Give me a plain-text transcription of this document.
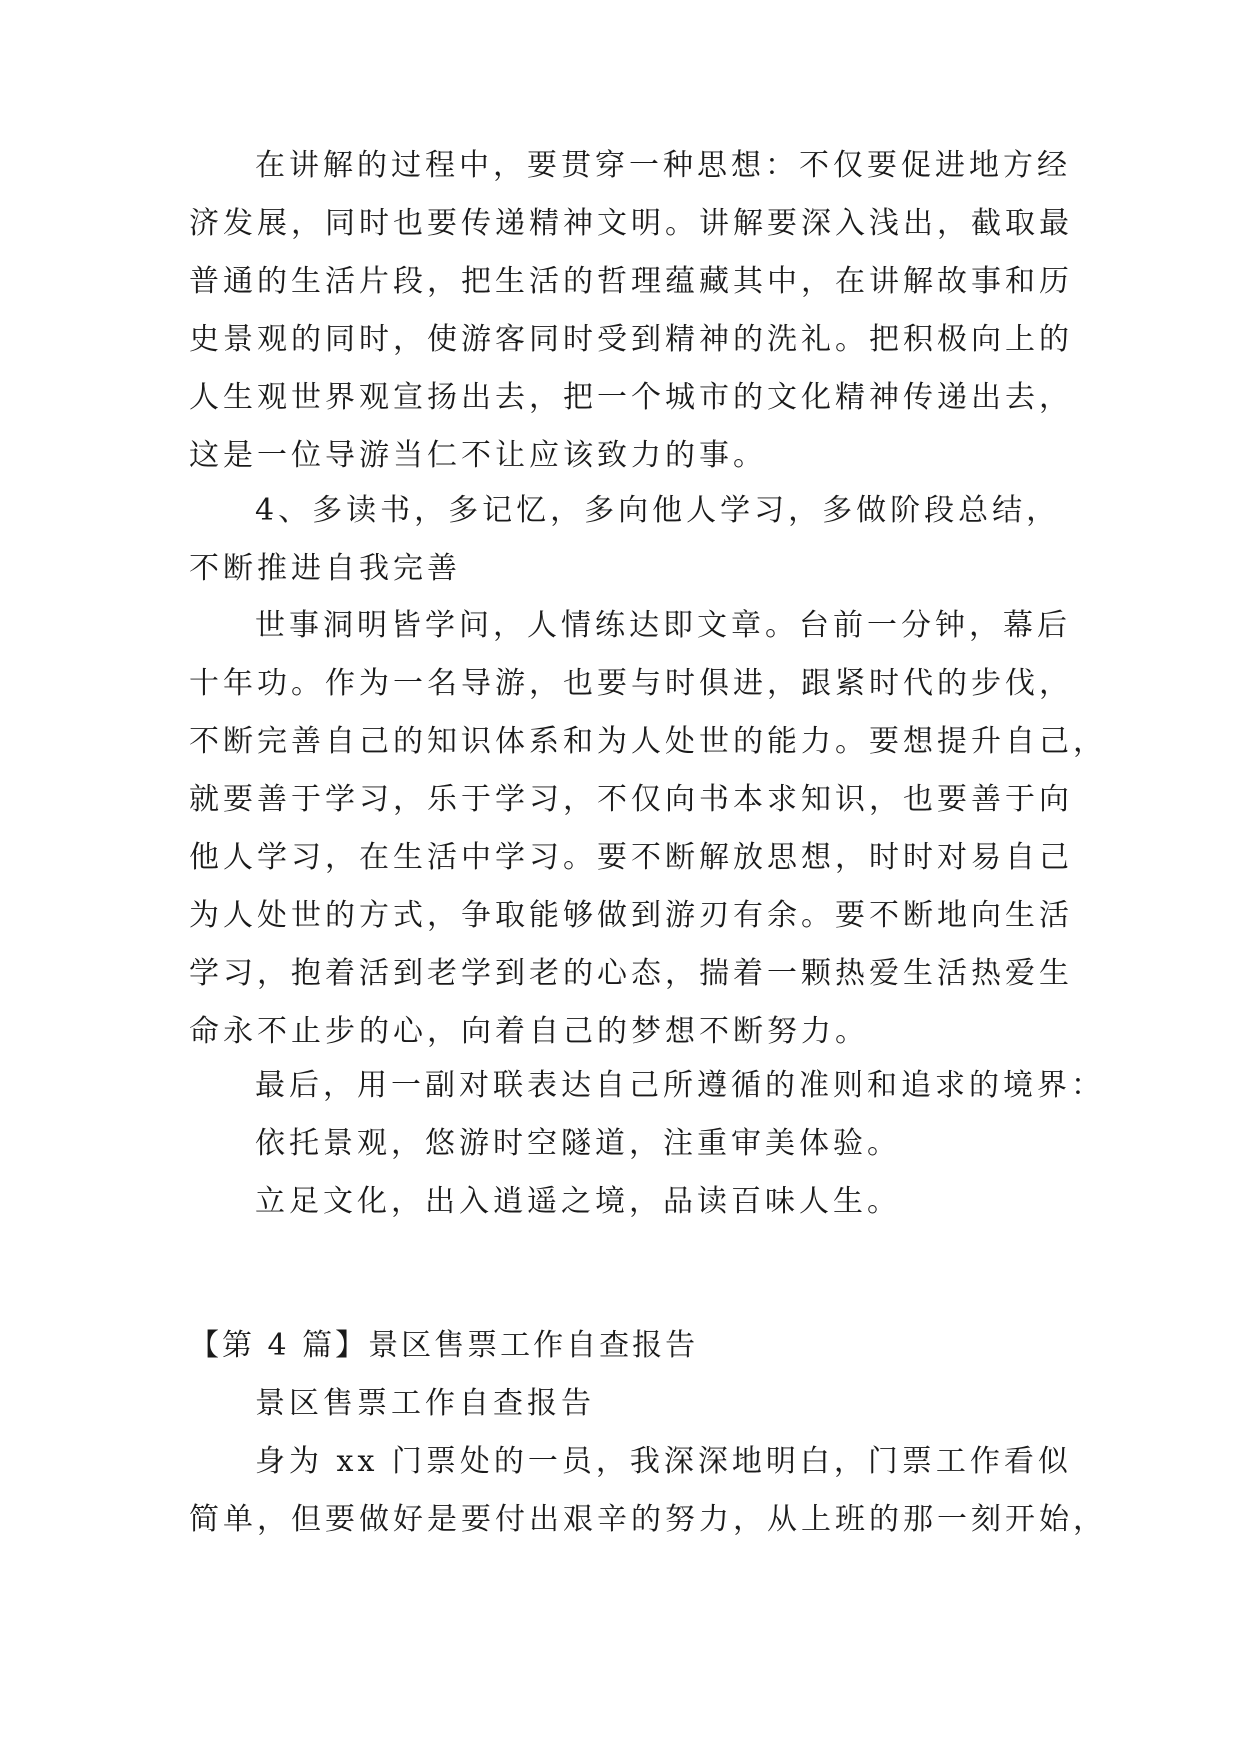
在讲解的过程中，要贯穿一种思想：不仅要促进地方经
济发展，同时也要传递精神文明。讲解要深入浅出，截取最
普通的生活片段，把生活的哲理蕴藏其中，在讲解故事和历
史景观的同时，使游客同时受到精神的洗礼。把积极向上的
人生观世界观宣扬出去，把一个城市的文化精神传递出去，
这是一位导游当仁不让应该致力的事。
4、多读书，多记忆，多向他人学习，多做阶段总结，
不断推进自我完善
世事洞明皆学问，人情练达即文章。台前一分钟，幕后
十年功。作为一名导游，也要与时俱进，跟紧时代的步伐，
不断完善自己的知识体系和为人处世的能力。要想提升自己，
就要善于学习，乐于学习，不仅向书本求知识，也要善于向
他人学习，在生活中学习。要不断解放思想，时时对易自己
为人处世的方式，争取能够做到游刃有余。要不断地向生活
学习，抱着活到老学到老的心态，揣着一颗热爱生活热爱生
命永不止步的心，向着自己的梦想不断努力。
最后，用一副对联表达自己所遵循的准则和追求的境界：
依托景观，悠游时空隧道，注重审美体验。
立足文化，出入逍遥之境，品读百味人生。
【第 4 篇】景区售票工作自查报告
景区售票工作自查报告
身为 xx 门票处的一员，我深深地明白，门票工作看似
简单，但要做好是要付出艰辛的努力，从上班的那一刻开始，
